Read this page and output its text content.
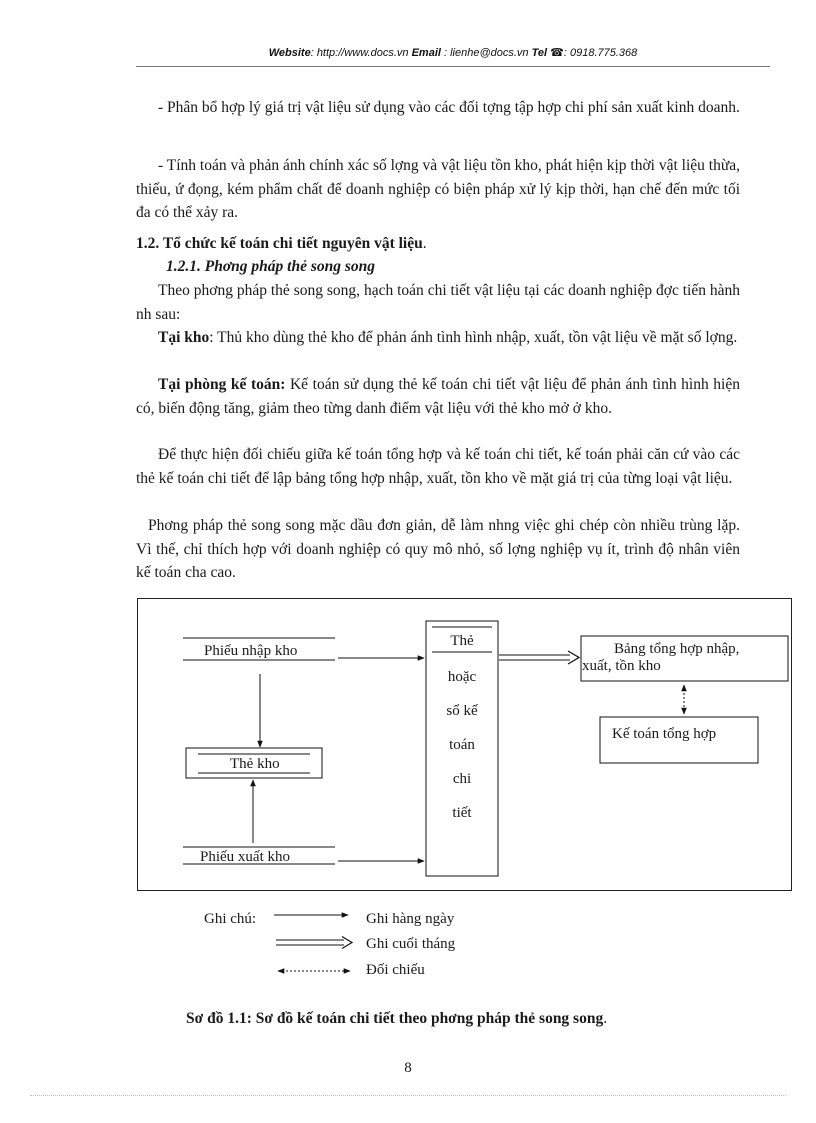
Website: http://www.docs.vn Email : lienhe@docs.vn Tel ☎: 0918.775.368
- Phân bổ hợp lý giá trị vật liệu sử dụng vào các đối tợng tập hợp chi phí sản xuất kinh doanh.
- Tính toán và phản ánh chính xác số lợng và vật liệu tồn kho, phát hiện kịp thời vật liệu thừa, thiếu, ứ đọng, kém phẩm chất để doanh nghiệp có biện pháp xử lý kịp thời, hạn chế đến mức tối đa có thể xảy ra.
1.2. Tổ chức kế toán chi tiết nguyên vật liệu.
1.2.1. Phơng pháp thẻ song song
Theo phơng pháp thẻ song song, hạch toán chi tiết vật liệu tại các doanh nghiệp đợc tiến hành nh sau:
Tại kho: Thủ kho dùng thẻ kho để phản ánh tình hình nhập, xuất, tồn vật liệu về mặt số lợng.
Tại phòng kế toán: Kế toán sử dụng thẻ kế toán chi tiết vật liệu để phản ánh tình hình hiện có, biến động tăng, giảm theo từng danh điểm vật liệu với thẻ kho mở ở kho.
Để thực hiện đối chiếu giữa kế toán tổng hợp và kế toán chi tiết, kế toán phải căn cứ vào các thẻ kế toán chi tiết để lập bảng tổng hợp nhập, xuất, tồn kho về mặt giá trị của từng loại vật liệu.
Phơng pháp thẻ song song mặc dầu đơn giản, dễ làm nhng việc ghi chép còn nhiều trùng lặp. Vì thế, chỉ thích hợp với doanh nghiệp có quy mô nhỏ, số lợng nghiệp vụ ít, trình độ nhân viên kế toán cha cao.
Phiếu nhập kho
Thẻ kho
Phiếu xuất kho
Thẻ
hoặc
sổ kế
toán
chi
tiết
Bảng tổng hợp nhập,
xuất, tồn kho
Kế toán tổng hợp
Ghi chú:	Ghi hàng ngày
Ghi cuối tháng
Đối chiếu
Sơ đồ 1.1: Sơ đồ kế toán chi tiết theo phơng pháp thẻ song song.
8
